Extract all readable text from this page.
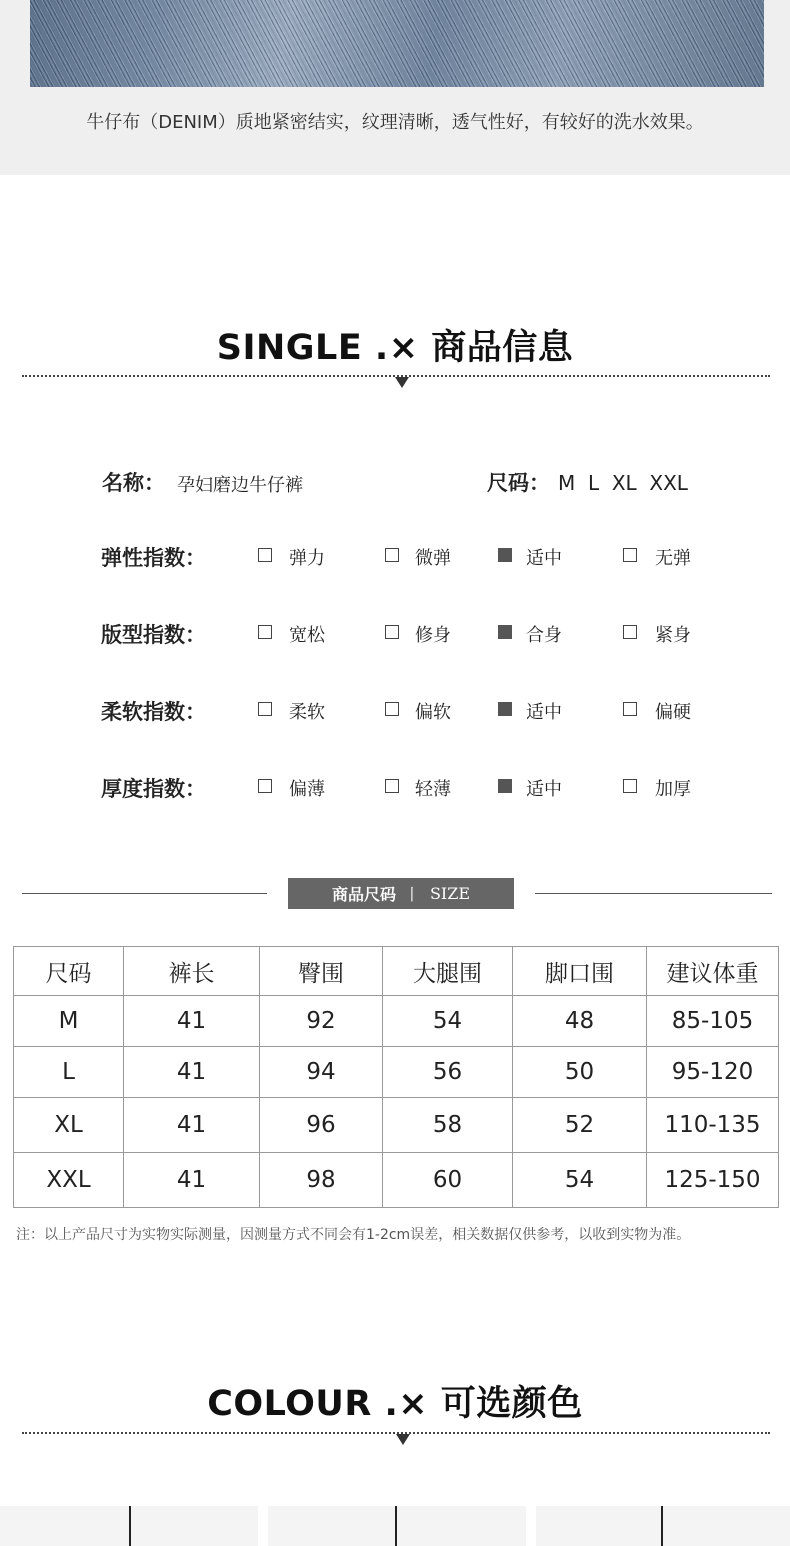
牛仔布（DENIM）质地紧密结实，纹理清晰，透气性好，有较好的洗水效果。
SINGLE .× 商品信息
名称： 孕妇磨边牛仔裤	尺码： M  L  XL  XXL
弹性指数：	弹力	微弹	适中	无弹
版型指数：	宽松	修身	合身	紧身
柔软指数：	柔软	偏软	适中	偏硬
厚度指数：	偏薄	轻薄	适中	加厚
商品尺码 丨 SIZE
尺码	裤长	臀围	大腿围	脚口围	建议体重
M	41	92	54	48	85-105
L	41	94	56	50	95-120
XL	41	96	58	52	110-135
XXL	41	98	60	54	125-150
注：以上产品尺寸为实物实际测量，因测量方式不同会有1-2cm误差，相关数据仅供参考，以收到实物为准。
COLOUR .× 可选颜色
